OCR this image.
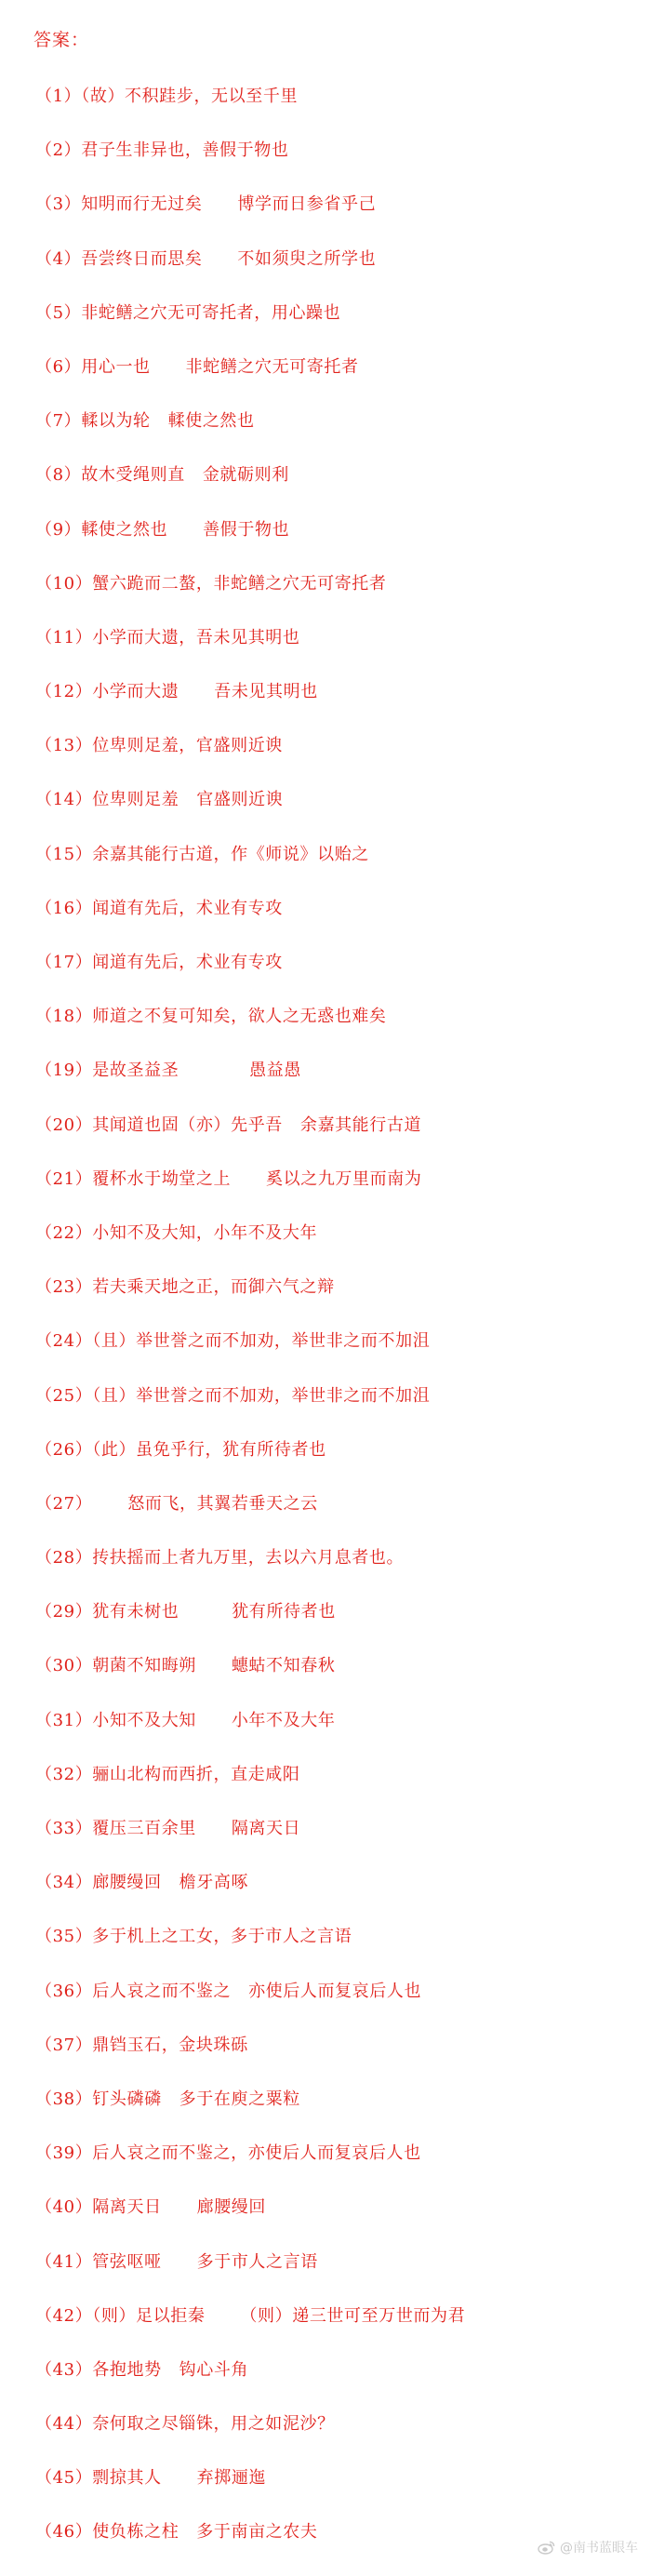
答案：
（1）（故）不积跬步，无以至千里
（2）君子生非异也，善假于物也
（3）知明而行无过矣      博学而日参省乎己
（4）吾尝终日而思矣      不如须臾之所学也
（5）非蛇鳝之穴无可寄托者，用心躁也
（6）用心一也      非蛇鳝之穴无可寄托者
（7）輮以为轮   輮使之然也
（8）故木受绳则直   金就砺则利
（9）輮使之然也      善假于物也
（10）蟹六跪而二螯，非蛇鳝之穴无可寄托者
（11）小学而大遗，吾未见其明也
（12）小学而大遗      吾未见其明也
（13）位卑则足羞，官盛则近谀
（14）位卑则足羞   官盛则近谀
（15）余嘉其能行古道，作《师说》以贻之
（16）闻道有先后，术业有专攻
（17）闻道有先后，术业有专攻
（18）师道之不复可知矣，欲人之无惑也难矣
（19）是故圣益圣            愚益愚
（20）其闻道也固（亦）先乎吾   余嘉其能行古道
（21）覆杯水于坳堂之上      奚以之九万里而南为
（22）小知不及大知，小年不及大年
（23）若夫乘天地之正，而御六气之辩
（24）（且）举世誉之而不加劝，举世非之而不加沮
（25）（且）举世誉之而不加劝，举世非之而不加沮
（26）（此）虽免乎行，犹有所待者也
（27）      怒而飞，其翼若垂天之云
（28）抟扶摇而上者九万里，去以六月息者也。
（29）犹有未树也         犹有所待者也
（30）朝菌不知晦朔      蟪蛄不知春秋
（31）小知不及大知      小年不及大年
（32）骊山北构而西折，直走咸阳
（33）覆压三百余里      隔离天日
（34）廊腰缦回   檐牙高啄
（35）多于机上之工女，多于市人之言语
（36）后人哀之而不鉴之   亦使后人而复哀后人也
（37）鼎铛玉石，金块珠砾
（38）钉头磷磷   多于在庾之粟粒
（39）后人哀之而不鉴之，亦使后人而复哀后人也
（40）隔离天日      廊腰缦回
（41）管弦呕哑      多于市人之言语
（42）（则）足以拒秦      （则）递三世可至万世而为君
（43）各抱地势   钩心斗角
（44）奈何取之尽锱铢，用之如泥沙？
（45）剽掠其人      弃掷逦迤
（46）使负栋之柱   多于南亩之农夫
@南书蓝眼车
